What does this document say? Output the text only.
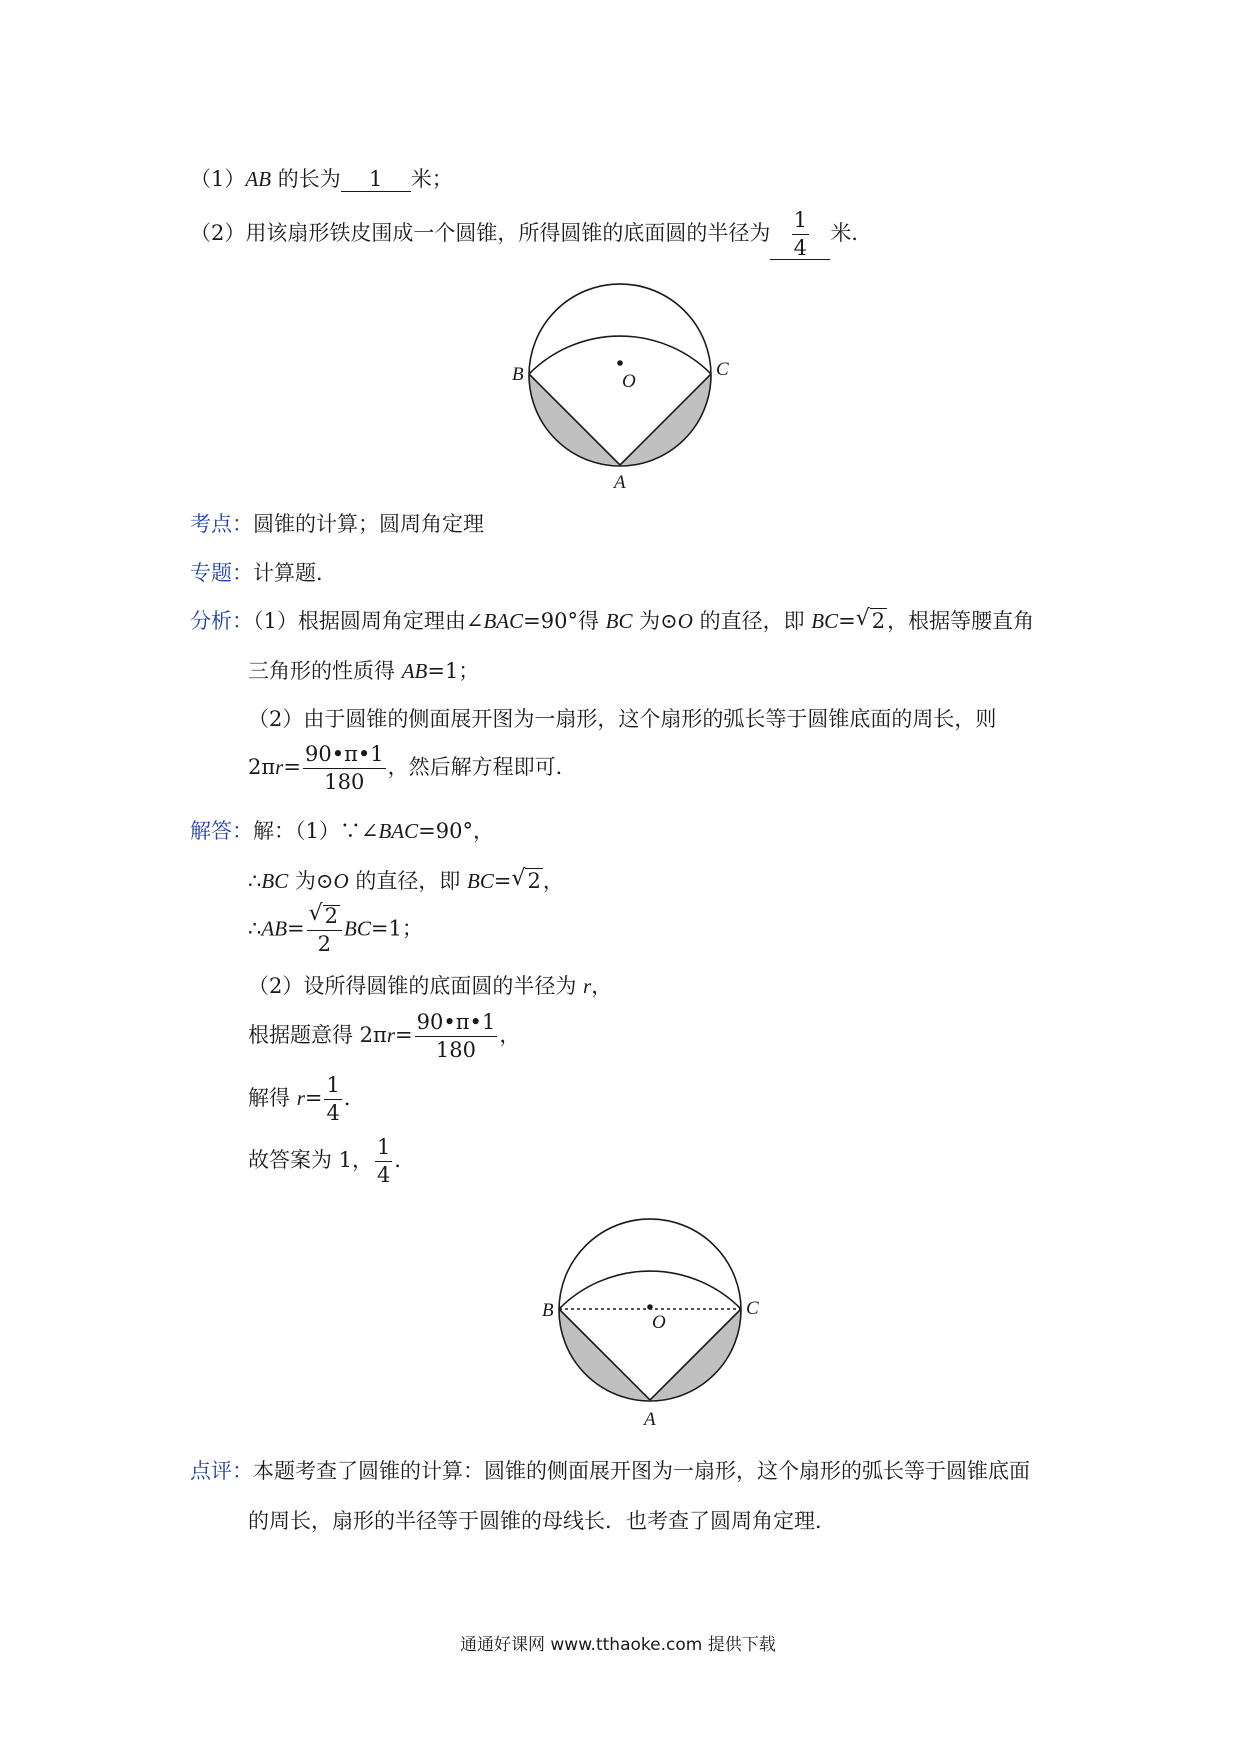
（1）AB 的长为 1 米；
（2）用该扇形铁皮围成一个圆锥，所得圆锥的底面圆的半径为 $\frac{1}{4}$ 米．
B	C
O
A
考点：圆锥的计算；圆周角定理
专题：计算题．
分析：（1）根据圆周角定理由∠BAC=90°得 BC 为⊙O 的直径，即 BC= √ 2，根据等腰直角
三角形的性质得 AB=1；
（2）由于圆锥的侧面展开图为一扇形，这个扇形的弧长等于圆锥底面的周长，则
$2\pi r= \frac{90•\pi•1}{180}$ ，然后解方程即可．
解答：解：（1）∵∠BAC=90°，
∴BC 为⊙O 的直径，即 BC= √ 2，
∴AB= $\frac{√ 2}{2} BC=1$；
（2）设所得圆锥的底面圆的半径为 r，
根据题意得 $2\pi r= \frac{90•\pi•1}{180}$ ，
解得 $r= \frac{1}{4}$ ．
故答案为 1， $\frac{1}{4}$ ．
B	C
O
A
点评：本题考查了圆锥的计算：圆锥的侧面展开图为一扇形，这个扇形的弧长等于圆锥底面
的周长，扇形的半径等于圆锥的母线长．也考查了圆周角定理．
通通好课网 www.tthaoke.com 提供下载
